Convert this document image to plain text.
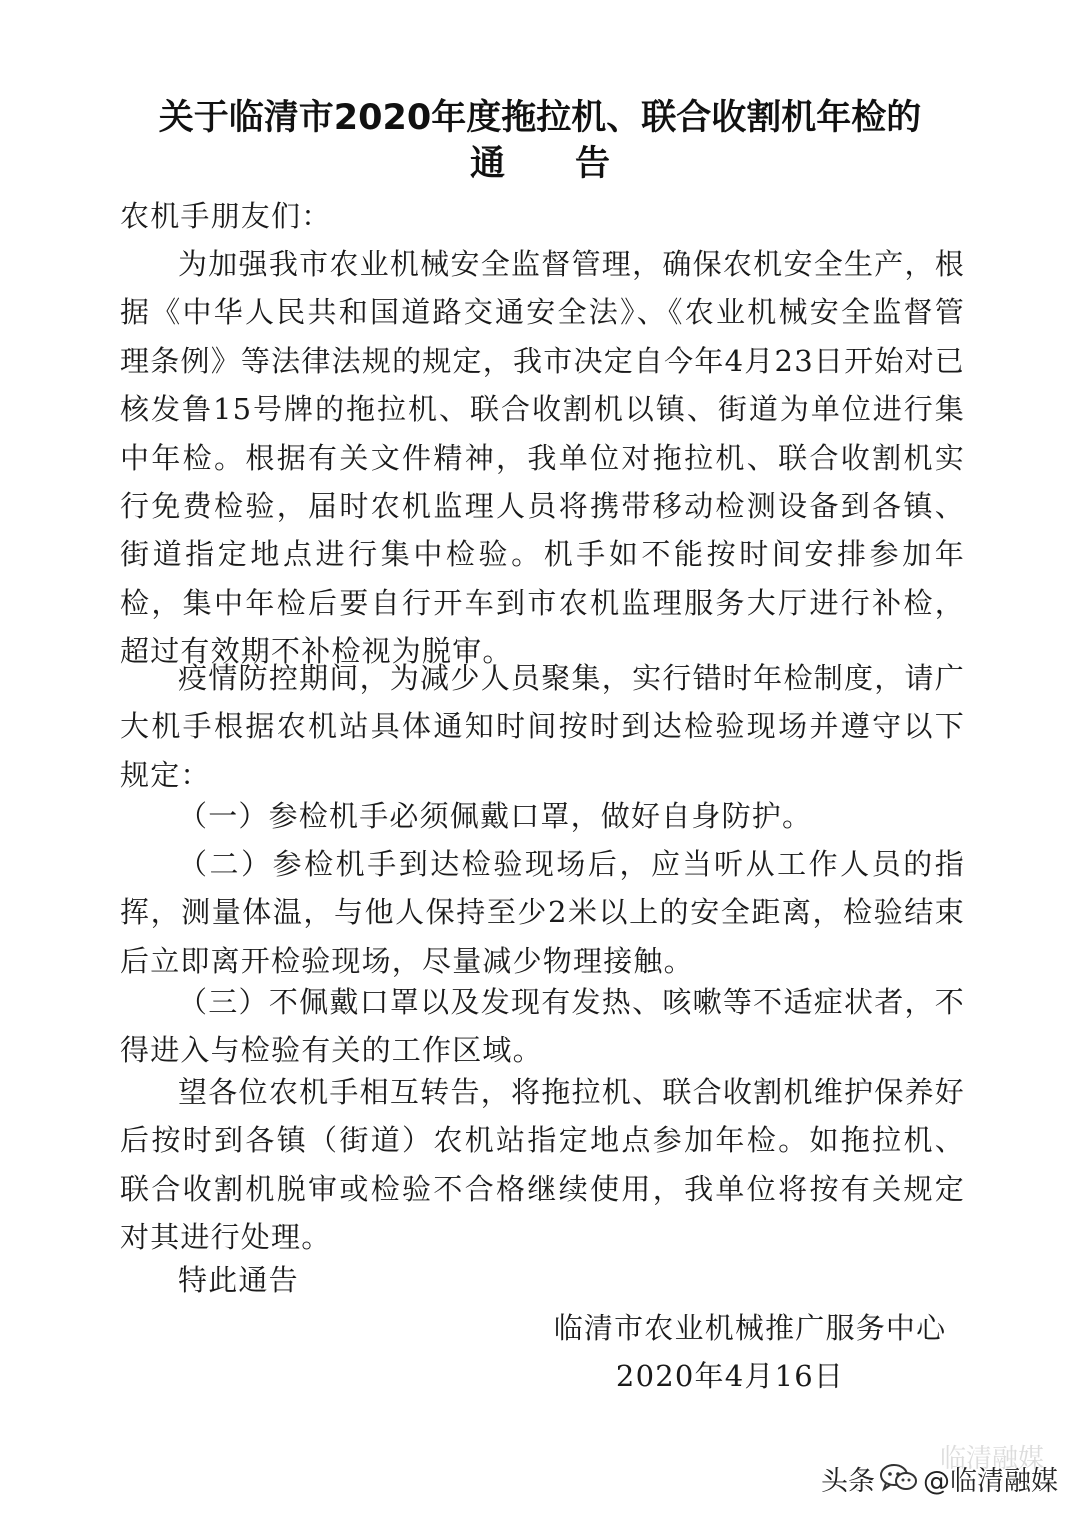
关于临清市2020年度拖拉机、联合收割机年检的
通告
农机手朋友们：
为加强我市农业机械安全监督管理，确保农机安全生产，根据《中华人民共和国道路交通安全法》、《农业机械安全监督管理条例》等法律法规的规定，我市决定自今年4月23日开始对已核发鲁15号牌的拖拉机、联合收割机以镇、街道为单位进行集中年检。根据有关文件精神，我单位对拖拉机、联合收割机实行免费检验，届时农机监理人员将携带移动检测设备到各镇、街道指定地点进行集中检验。机手如不能按时间安排参加年检，集中年检后要自行开车到市农机监理服务大厅进行补检，超过有效期不补检视为脱审。
疫情防控期间，为减少人员聚集，实行错时年检制度，请广大机手根据农机站具体通知时间按时到达检验现场并遵守以下规定：
（一）参检机手必须佩戴口罩，做好自身防护。
（二）参检机手到达检验现场后，应当听从工作人员的指挥，测量体温，与他人保持至少2米以上的安全距离，检验结束后立即离开检验现场，尽量减少物理接触。
（三）不佩戴口罩以及发现有发热、咳嗽等不适症状者，不得进入与检验有关的工作区域。
望各位农机手相互转告，将拖拉机、联合收割机维护保养好后按时到各镇（街道）农机站指定地点参加年检。如拖拉机、联合收割机脱审或检验不合格继续使用，我单位将按有关规定对其进行处理。
特此通告
临清市农业机械推广服务中心
2020年4月16日
临清融媒
头条 @临清融媒
